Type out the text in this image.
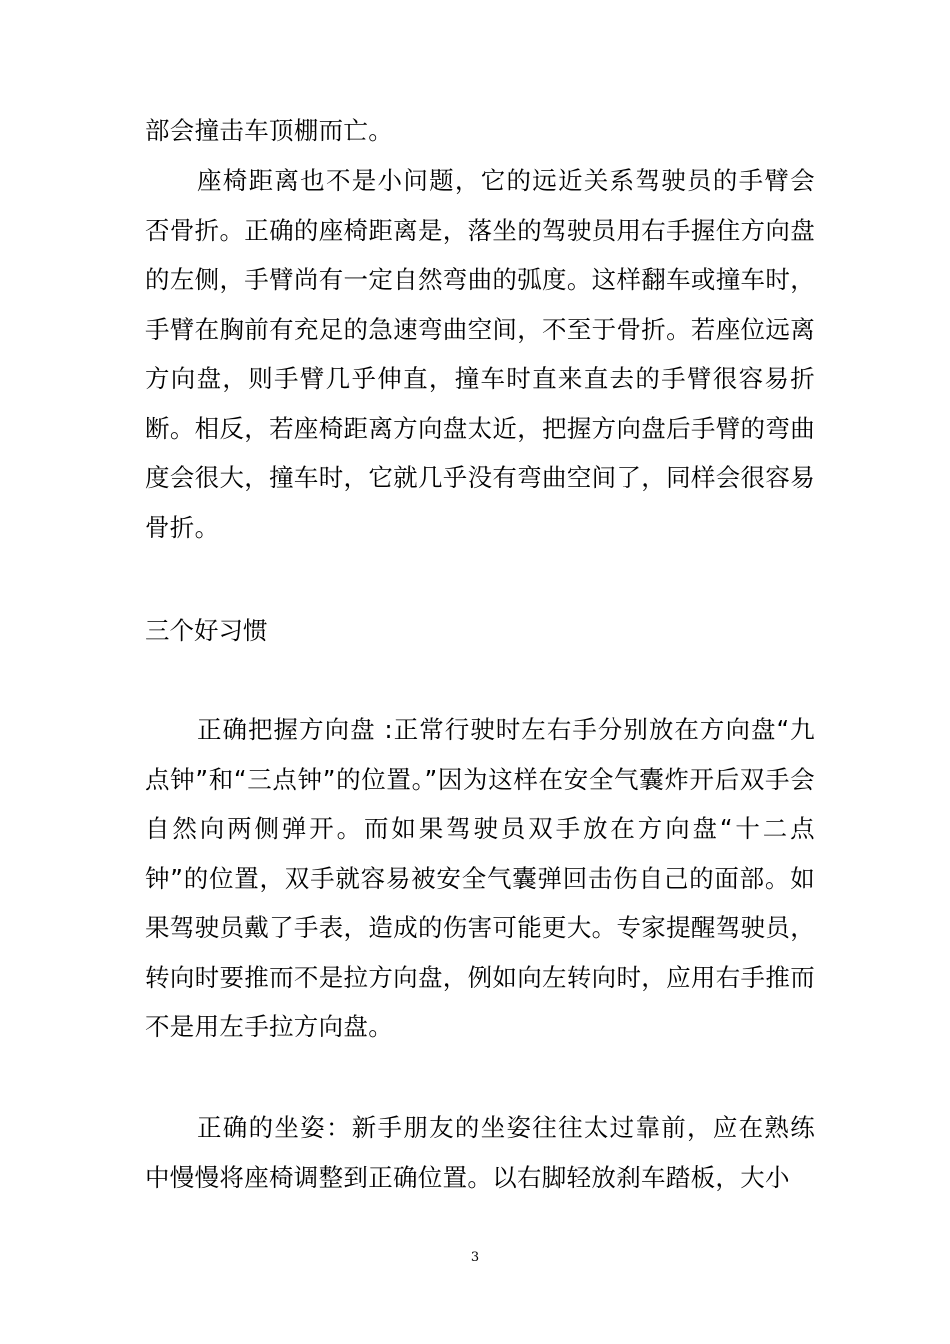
部会撞击车顶棚而亡。
座椅距离也不是小问题，它的远近关系驾驶员的手臂会否骨折。正确的座椅距离是，落坐的驾驶员用右手握住方向盘的左侧，手臂尚有一定自然弯曲的弧度。这样翻车或撞车时，手臂在胸前有充足的急速弯曲空间，不至于骨折。若座位远离方向盘，则手臂几乎伸直，撞车时直来直去的手臂很容易折断。相反，若座椅距离方向盘太近，把握方向盘后手臂的弯曲度会很大，撞车时，它就几乎没有弯曲空间了，同样会很容易骨折。
三个好习惯
正确把握方向盘 :正常行驶时左右手分别放在方向盘“九点钟”和“三点钟”的位置。”因为这样在安全气囊炸开后双手会自然向两侧弹开。而如果驾驶员双手放在方向盘“十二点钟”的位置，双手就容易被安全气囊弹回击伤自己的面部。如果驾驶员戴了手表，造成的伤害可能更大。专家提醒驾驶员，转向时要推而不是拉方向盘，例如向左转向时，应用右手推而不是用左手拉方向盘。
正确的坐姿：新手朋友的坐姿往往太过靠前，应在熟练中慢慢将座椅调整到正确位置。以右脚轻放刹车踏板，大小
3
